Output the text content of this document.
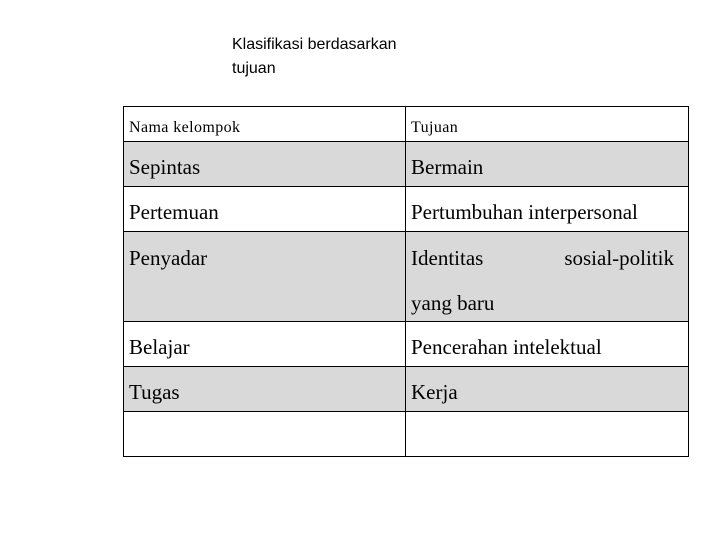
Klasifikasi berdasarkan
tujuan
Nama kelompok	Tujuan
Sepintas	Bermain
Pertemuan	Pertumbuhan interpersonal

Penyadar	Identitas sosial-politik
yang baru

Belajar	Pencerahan intelektual
Tugas	Kerja
